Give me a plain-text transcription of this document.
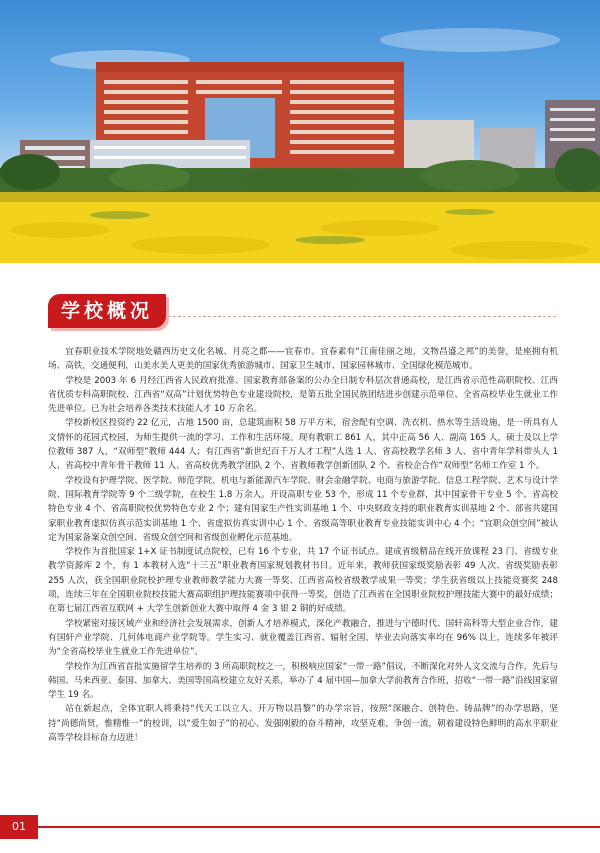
学校概况

宜春职业技术学院地处赣西历史文化名城、月亮之都——宜春市。宜春素有“江南佳丽之地，文物昌盛之邦”的美誉，是座拥有机场、高铁，交通便利，山美水美人更美的国家优秀旅游城市、国家卫生城市、国家园林城市、全国绿化模范城市。

学校是 2003 年 6 月经江西省人民政府批准、国家教育部备案的公办全日制专科层次普通高校，是江西省示范性高职院校、江西省优质专科高职院校、江西省“双高”计划优势特色专业建设院校，是第五批全国民族团结进步创建示范单位、全省高校毕业生就业工作先进单位。已为社会培养各类技术技能人才 10 万余名。

学校新校区投资约 22 亿元，占地 1500 亩，总建筑面积 58 万平方米，宿舍配有空调、洗衣机、热水等生活设施，是一所具有人文情怀的花园式校园，为师生提供一流的学习、工作和生活环境。现有教职工 861 人，其中正高 56 人、副高 165 人，硕士及以上学位教师 387 人，“双师型”教师 444 人；有江西省“新世纪百千万人才工程”人选 1 人、省高校教学名师 3 人、省中青年学科带头人 1 人、省高校中青年骨干教师 11 人、省高校优秀教学团队 2 个、省教师教学创新团队 2 个、省校企合作“双师型”名师工作室 1 个。

学校设有护理学院、医学院、师范学院、机电与新能源汽车学院、财会金融学院、电商与旅游学院、信息工程学院、艺术与设计学院、国际教育学院等 9 个二级学院，在校生 1.8 万余人。开设高职专业 53 个，形成 11 个专业群，其中国家骨干专业 5 个、省高校特色专业 4 个、省高职院校优势特色专业 2 个；建有国家生产性实训基地 1 个、中央财政支持的职业教育实训基地 2 个、部省共建国家职业教育虚拟仿真示范实训基地 1 个、省虚拟仿真实训中心 1 个、省级高等职业教育专业技能实训中心 4 个；“宜职众创空间”被认定为国家备案众创空间、省级众创空间和省级创业孵化示范基地。

学校作为首批国家 1+X 证书制度试点院校，已有 16 个专业，共 17 个证书试点。建成省级精品在线开放课程 23 门、省级专业教学资源库 2 个，有 1 本教材入选“十三五”职业教育国家规划教材书目。近年来，教师获国家级奖励表彰 49 人次、省级奖励表彰 255 人次，获全国职业院校护理专业教师教学能力大赛一等奖、江西省高校省级教学成果一等奖；学生获省级以上技能竞赛奖 248 项，连续三年在全国职业院校技能大赛高职组护理技能赛项中获得一等奖，创造了江西省在全国职业院校护理技能大赛中的最好成绩；在第七届江西省互联网 + 大学生创新创业大赛中取得 4 金 3 银 2 铜的好成绩。

学校紧密对接区域产业和经济社会发展需求，创新人才培养模式，深化产教融合，推进与宁德时代、国轩高科等大型企业合作，建有国轩产业学院、几何体电商产业学院等。学生实习、就业覆盖江西省、辐射全国，毕业去向落实率均在 96% 以上，连续多年被评为“全省高校毕业生就业工作先进单位”。

学校作为江西省首批实施留学生培养的 3 所高职院校之一，积极响应国家“一带一路”倡议，不断深化对外人文交流与合作，先后与韩国、马来西亚、泰国、加拿大、美国等国高校建立友好关系，举办了 4 届中国—加拿大学前教育合作班，招收“一带一路”沿线国家留学生 19 名。

站在新起点，全体宜职人将秉持“代天工以立人、开万物以昌黎”的办学宗旨，按照“深融合、创特色、铸品牌”的办学思路，坚持“尚德尚贤，惟精惟一”的校训，以“爱生如子”的初心、发强刚毅的奋斗精神，攻坚克难，争创一流，朝着建设特色鲜明的高水平职业高等学校目标奋力迈进！

01
